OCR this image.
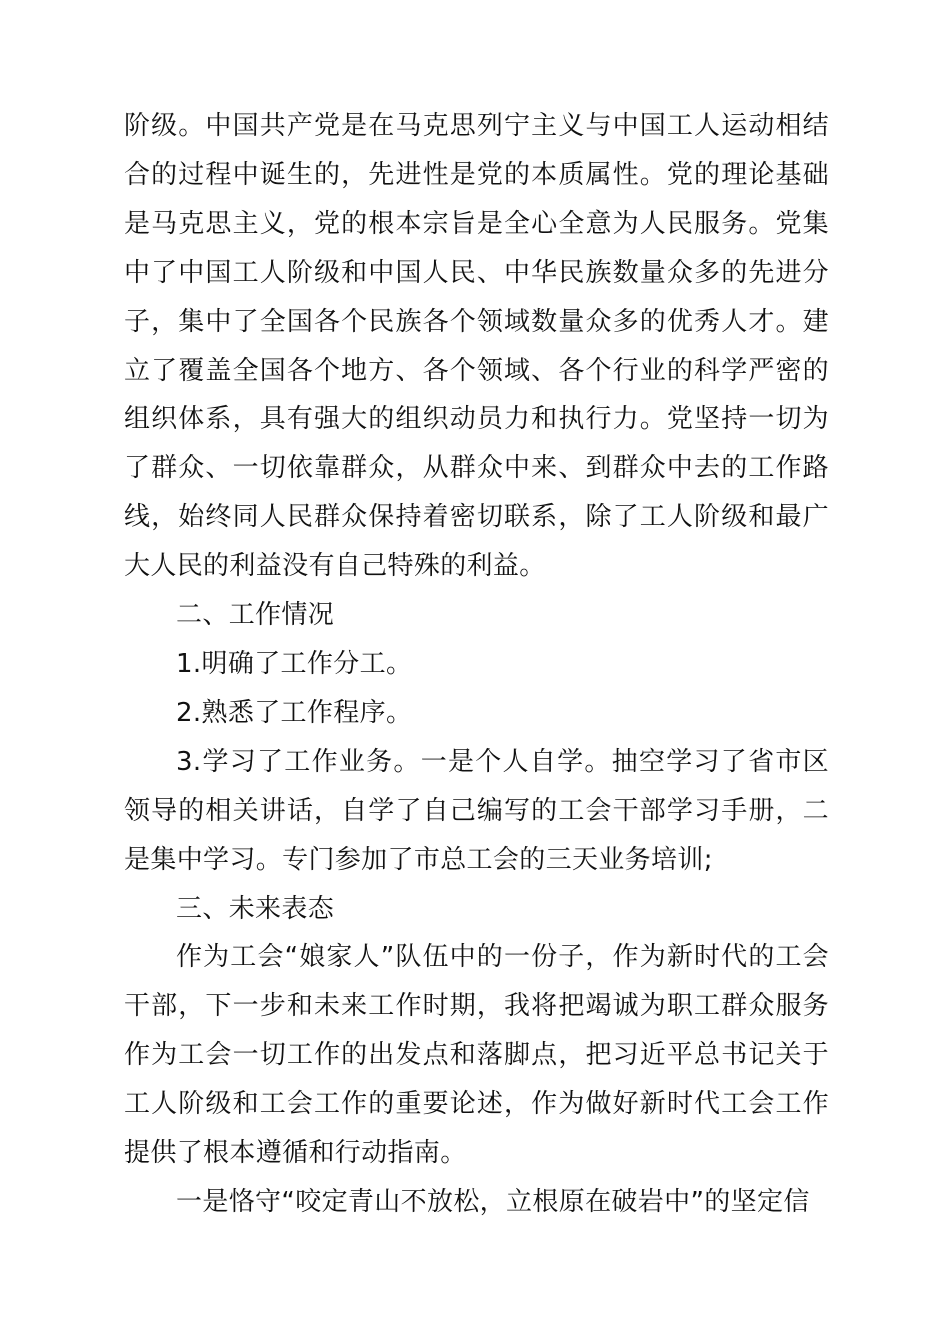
阶级。中国共产党是在马克思列宁主义与中国工人运动相结合的过程中诞生的，先进性是党的本质属性。党的理论基础是马克思主义，党的根本宗旨是全心全意为人民服务。党集中了中国工人阶级和中国人民、中华民族数量众多的先进分子，集中了全国各个民族各个领域数量众多的优秀人才。建立了覆盖全国各个地方、各个领域、各个行业的科学严密的组织体系，具有强大的组织动员力和执行力。党坚持一切为了群众、一切依靠群众，从群众中来、到群众中去的工作路线，始终同人民群众保持着密切联系，除了工人阶级和最广大人民的利益没有自己特殊的利益。

二、工作情况

1.明确了工作分工。

2.熟悉了工作程序。

3.学习了工作业务。一是个人自学。抽空学习了省市区领导的相关讲话，自学了自己编写的工会干部学习手册，二是集中学习。专门参加了市总工会的三天业务培训;

三、未来表态

作为工会“娘家人”队伍中的一份子，作为新时代的工会干部，下一步和未来工作时期，我将把竭诚为职工群众服务作为工会一切工作的出发点和落脚点，把习近平总书记关于工人阶级和工会工作的重要论述，作为做好新时代工会工作提供了根本遵循和行动指南。

一是恪守“咬定青山不放松，立根原在破岩中”的坚定信
